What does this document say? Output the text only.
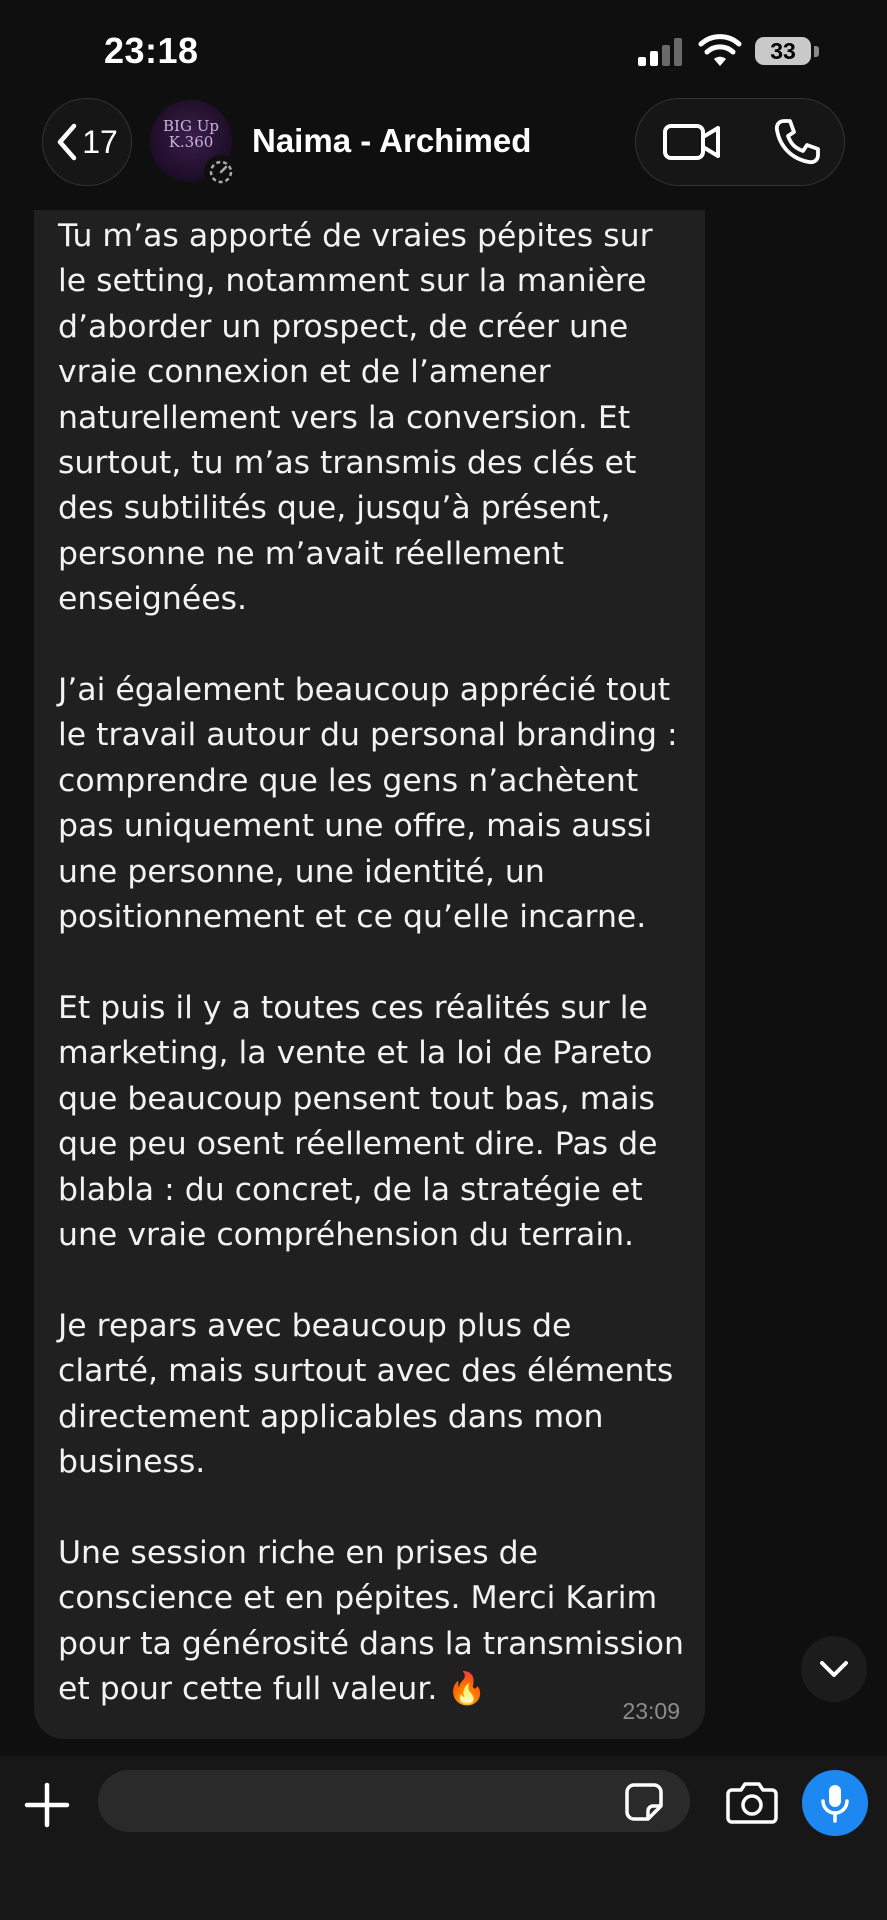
23:18	33
17	BIG Up K.360	Naima - Archimed
Tu m’as apporté de vraies pépites sur
le setting, notamment sur la manière
d’aborder un prospect, de créer une
vraie connexion et de l’amener
naturellement vers la conversion. Et
surtout, tu m’as transmis des clés et
des subtilités que, jusqu’à présent,
personne ne m’avait réellement
enseignées.

J’ai également beaucoup apprécié tout
le travail autour du personal branding :
comprendre que les gens n’achètent
pas uniquement une offre, mais aussi
une personne, une identité, un
positionnement et ce qu’elle incarne.

Et puis il y a toutes ces réalités sur le
marketing, la vente et la loi de Pareto
que beaucoup pensent tout bas, mais
que peu osent réellement dire. Pas de
blabla : du concret, de la stratégie et
une vraie compréhension du terrain.

Je repars avec beaucoup plus de
clarté, mais surtout avec des éléments
directement applicables dans mon
business.

Une session riche en prises de
conscience et en pépites. Merci Karim
pour ta générosité dans la transmission
et pour cette full valeur. 🔥
23:09
